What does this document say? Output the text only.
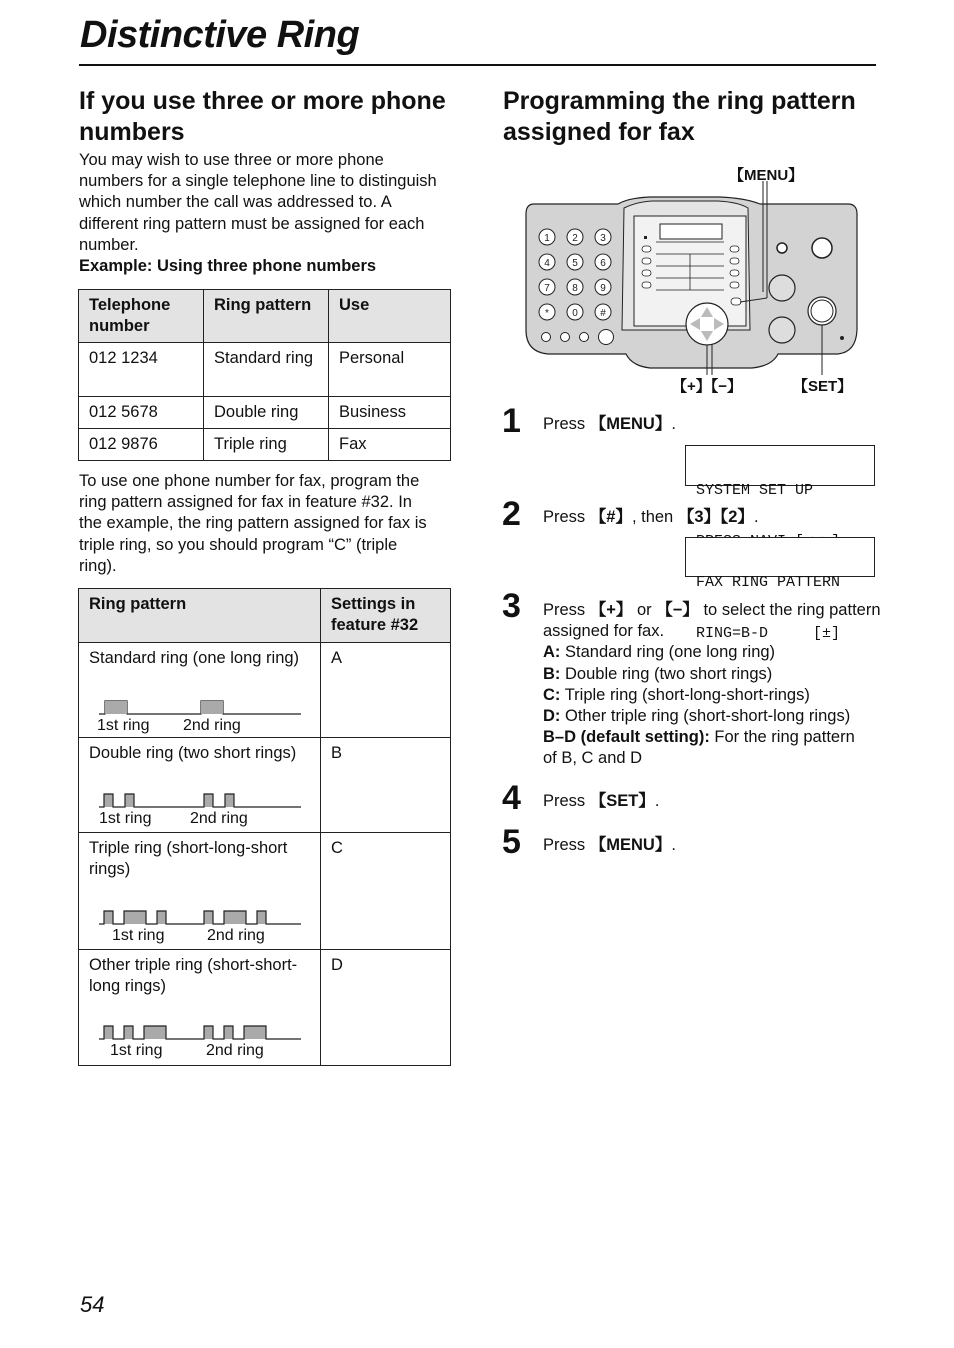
Distinctive Ring
If you use three or more phone
numbers
You may wish to use three or more phone
numbers for a single telephone line to distinguish
which number the call was addressed to. A
different ring pattern must be assigned for each
number.
Example: Using three phone numbers
Telephone number	Ring pattern	Use
012 1234	Standard ring	Personal
012 5678	Double ring	Business
012 9876	Triple ring	Fax
To use one phone number for fax, program the
ring pattern assigned for fax in feature #32. In
the example, the ring pattern assigned for fax is
triple ring, so you should program “C” (triple
ring).
Ring pattern	Settings in feature #32

Standard ring (one long ring)
1st ring 2nd ring	A

Double ring (two short rings)
1st ring 2nd ring	B

Triple ring (short-long-short rings)
1st ring 2nd ring	C

Other triple ring (short-short-long rings)
1st ring 2nd ring	D
Programming the ring pattern
assigned for fax
【MENU】
【+】【−】	【SET】
1 2 3
4 5 6
7 8 9
* 0 #
1 Press 【MENU】.

SYSTEM SET UP

2 Press 【#】, then 【3】【2】.

FAX RING PATTERN

RING=B-D     [±]

3 Press 【+】 or 【−】 to select the ring pattern
assigned for fax.
A: Standard ring (one long ring)
B: Double ring (two short rings)
C: Triple ring (short-long-short-rings)
D: Other triple ring (short-short-long rings)
B–D (default setting): For the ring pattern
of B, C and D
4 Press 【SET】.
5 Press 【MENU】.
54
